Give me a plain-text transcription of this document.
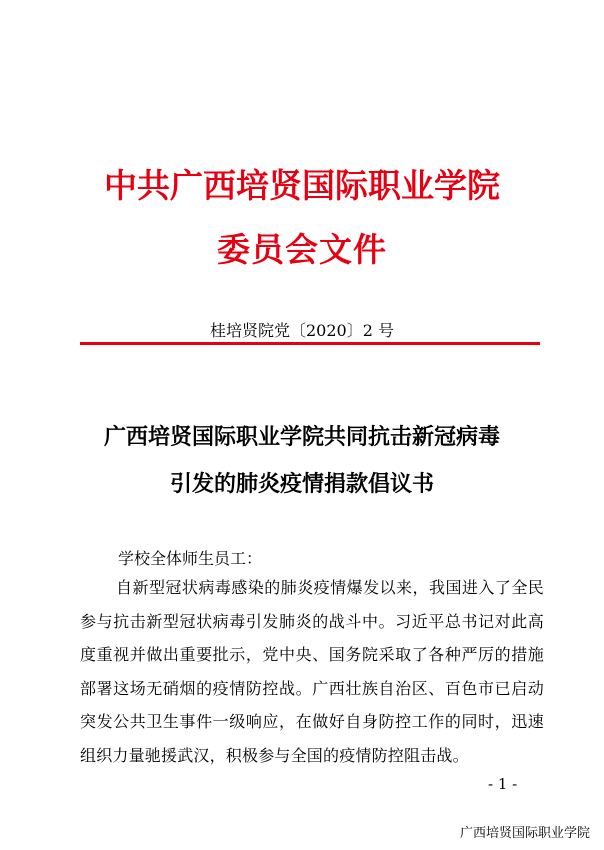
中共广西培贤国际职业学院
委员会文件
桂培贤院党〔2020〕2 号
广西培贤国际职业学院共同抗击新冠病毒
引发的肺炎疫情捐款倡议书
学校全体师生员工：
自新型冠状病毒感染的肺炎疫情爆发以来，我国进入了全民
参与抗击新型冠状病毒引发肺炎的战斗中。习近平总书记对此高
度重视并做出重要批示，党中央、国务院采取了各种严厉的措施
部署这场无硝烟的疫情防控战。广西壮族自治区、百色市已启动
突发公共卫生事件一级响应，在做好自身防控工作的同时，迅速
组织力量驰援武汉，积极参与全国的疫情防控阻击战。
- 1 -
广西培贤国际职业学院
